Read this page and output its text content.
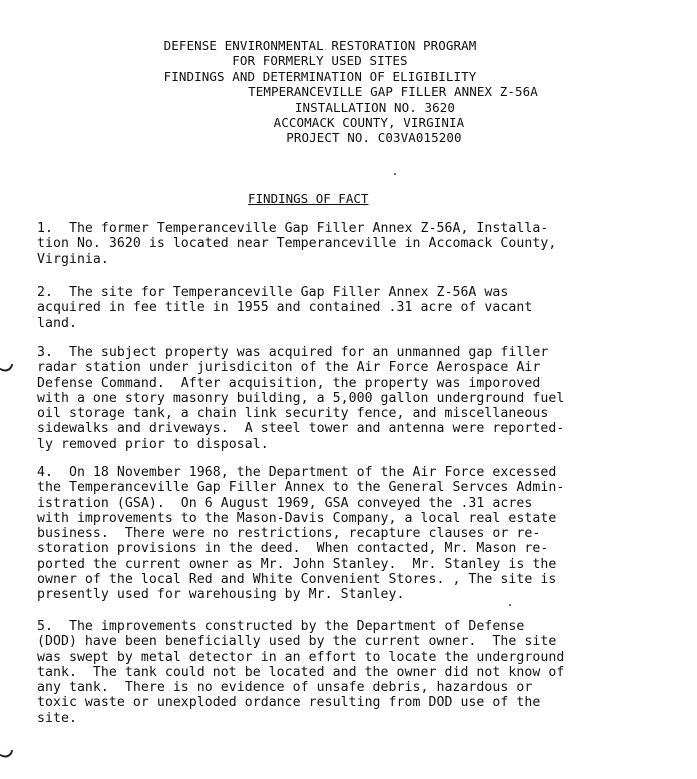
DEFENSE ENVIRONMENTAL RESTORATION PROGRAM
FOR FORMERLY USED SITES
FINDINGS AND DETERMINATION OF ELIGIBILITY
TEMPERANCEVILLE GAP FILLER ANNEX Z-56A
INSTALLATION NO. 3620
ACCOMACK COUNTY, VIRGINIA
PROJECT NO. C03VA015200
FINDINGS OF FACT
1.  The former Temperanceville Gap Filler Annex Z-56A, Installa-
tion No. 3620 is located near Temperanceville in Accomack County,
Virginia.
2.  The site for Temperanceville Gap Filler Annex Z-56A was
acquired in fee title in 1955 and contained .31 acre of vacant
land.
3.  The subject property was acquired for an unmanned gap filler
radar station under jurisdiciton of the Air Force Aerospace Air
Defense Command.  After acquisition, the property was imporoved
with a one story masonry building, a 5,000 gallon underground fuel
oil storage tank, a chain link security fence, and miscellaneous
sidewalks and driveways.  A steel tower and antenna were reported-
ly removed prior to disposal.
4.  On 18 November 1968, the Department of the Air Force excessed
the Temperanceville Gap Filler Annex to the General Servces Admin-
istration (GSA).  On 6 August 1969, GSA conveyed the .31 acres
with improvements to the Mason-Davis Company, a local real estate
business.  There were no restrictions, recapture clauses or re-
storation provisions in the deed.  When contacted, Mr. Mason re-
ported the current owner as Mr. John Stanley.  Mr. Stanley is the
owner of the local Red and White Convenient Stores. , The site is
presently used for warehousing by Mr. Stanley.
5.  The improvements constructed by the Department of Defense
(DOD) have been beneficially used by the current owner.  The site
was swept by metal detector in an effort to locate the underground
tank.  The tank could not be located and the owner did not know of
any tank.  There is no evidence of unsafe debris, hazardous or
toxic waste or unexploded ordance resulting from DOD use of the
site.
